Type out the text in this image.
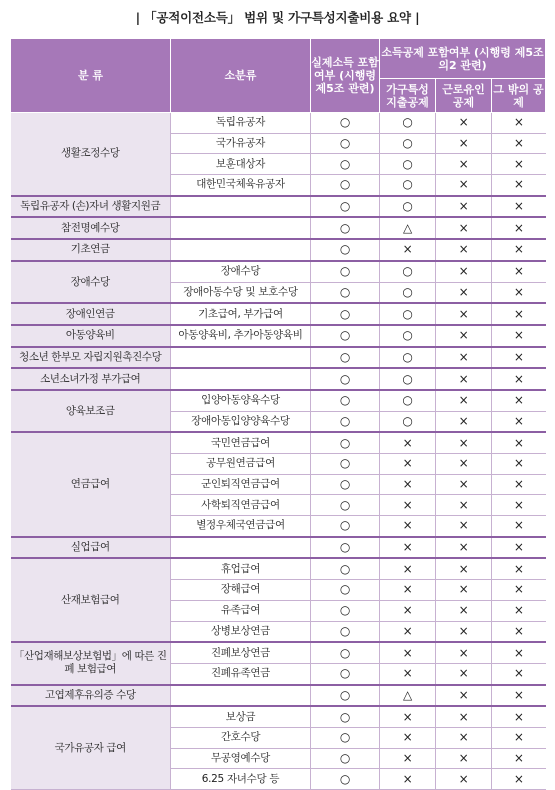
| 「공적이전소득」 범위 및 가구특성지출비용 요약 |
분 류	소분류	실제소득 포함여부 (시행령 제5조 관련)	소득공제 포함여부 (시행령 제5조의2 관련)		
			가구특성 지출공제	근로유인 공제	그 밖의 공제
생활조정수당	독립유공자	○	○	×	×
	국가유공자	○	○	×	×
	보훈대상자	○	○	×	×
	대한민국체육유공자	○	○	×	×
독립유공자 (손)자녀 생활지원금		○	○	×	×
참전명예수당		○	△	×	×
기초연금		○	×	×	×
장애수당	장애수당	○	○	×	×
	장애아동수당 및 보호수당	○	○	×	×
장애인연금	기초급여, 부가급여	○	○	×	×
아동양육비	아동양육비, 추가아동양육비	○	○	×	×
청소년 한부모 자립지원촉진수당		○	○	×	×
소년소녀가정 부가급여		○	○	×	×
양육보조금	입양아동양육수당	○	○	×	×
	장애아동입양양육수당	○	○	×	×
연금급여	국민연금급여	○	×	×	×
	공무원연금급여	○	×	×	×
	군인퇴직연금급여	○	×	×	×
	사학퇴직연금급여	○	×	×	×
	별정우체국연금급여	○	×	×	×
실업급여		○	×	×	×
산재보험급여	휴업급여	○	×	×	×
	장해급여	○	×	×	×
	유족급여	○	×	×	×
	상병보상연금	○	×	×	×
「산업재해보상보험법」에 따른 진폐 보험급여	진폐보상연금	○	×	×	×
	진폐유족연금	○	×	×	×
고엽제후유의증 수당		○	△	×	×
국가유공자 급여	보상금	○	×	×	×
	간호수당	○	×	×	×
	무공영예수당	○	×	×	×
	6.25 자녀수당 등	○	×	×	×
